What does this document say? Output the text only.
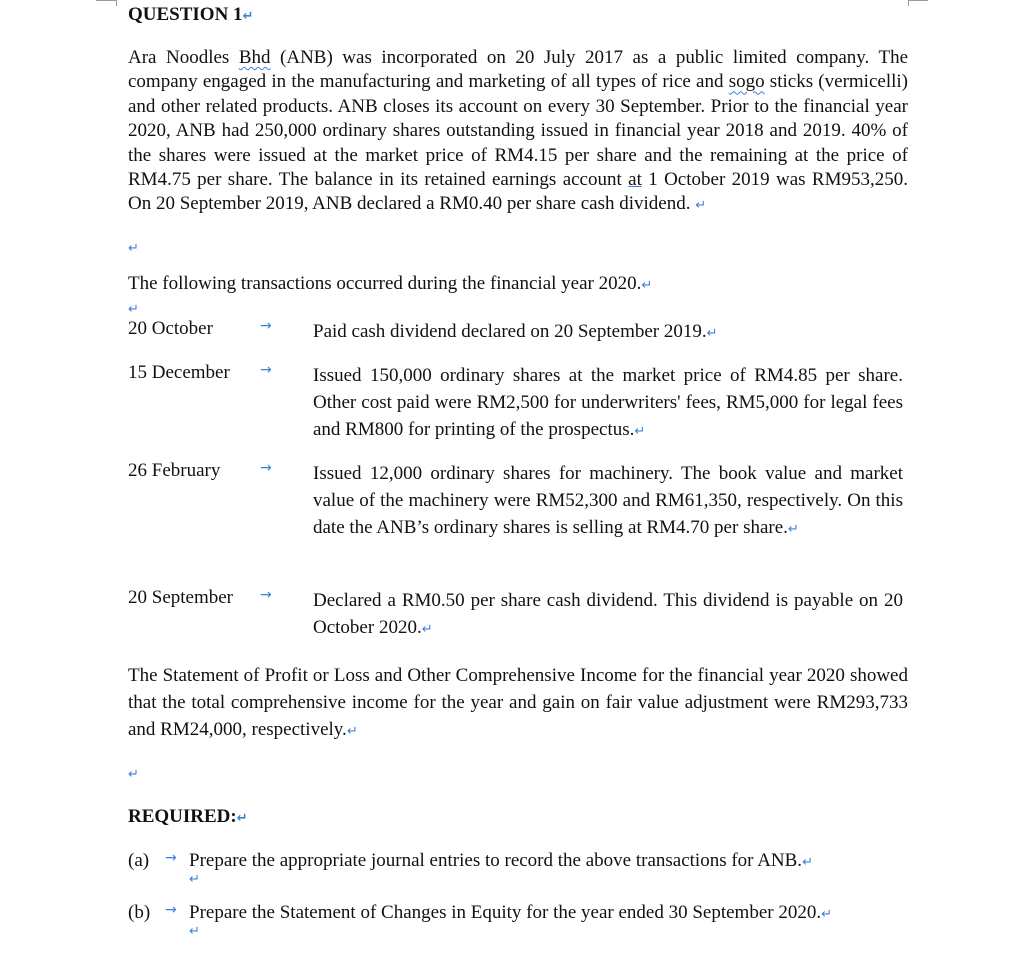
QUESTION 1↵
Ara Noodles Bhd (ANB) was incorporated on 20 July 2017 as a public limited company. The company engaged in the manufacturing and marketing of all types of rice and sogo sticks (vermicelli) and other related products. ANB closes its account on every 30 September. Prior to the financial year 2020, ANB had 250,000 ordinary shares outstanding issued in financial year 2018 and 2019. 40% of the shares were issued at the market price of RM4.15 per share and the remaining at the price of RM4.75 per share. The balance in its retained earnings account at 1 October 2019 was RM953,250. On 20 September 2019, ANB declared a RM0.40 per share cash dividend. ↵
↵
The following transactions occurred during the financial year 2020.↵
↵
20 October	→ Paid cash dividend declared on 20 September 2019.↵
15 December → Issued 150,000 ordinary shares at the market price of RM4.85 per share. Other cost paid were RM2,500 for underwriters' fees, RM5,000 for legal fees and RM800 for printing of the prospectus.↵
26 February	→ Issued 12,000 ordinary shares for machinery. The book value and market value of the machinery were RM52,300 and RM61,350, respectively. On this date the ANB’s ordinary shares is selling at RM4.70 per share.↵
20 September → Declared a RM0.50 per share cash dividend. This dividend is payable on 20 October 2020.↵
The Statement of Profit or Loss and Other Comprehensive Income for the financial year 2020 showed that the total comprehensive income for the year and gain on fair value adjustment were RM293,733 and RM24,000, respectively.↵
↵
REQUIRED:↵
(a) → Prepare the appropriate journal entries to record the above transactions for ANB.↵
↵
(b) → Prepare the Statement of Changes in Equity for the year ended 30 September 2020.↵
↵
